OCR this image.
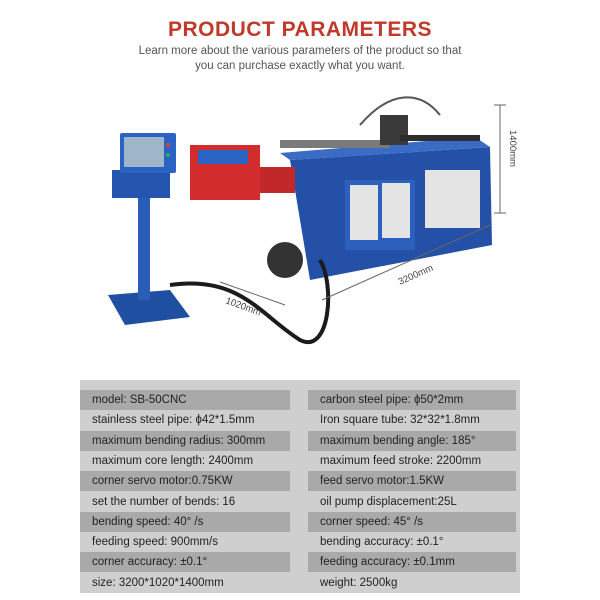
PRODUCT PARAMETERS
Learn more about the various parameters of the product so that
you can purchase exactly what you want.
1400mm
3200mm
1020mm
model: SB-50CNC	carbon steel pipe: ϕ50*2mm
stainless steel pipe: ϕ42*1.5mm	Iron square tube: 32*32*1.8mm
maximum bending radius: 300mm	maximum bending angle: 185°
maximum core length: 2400mm	maximum feed stroke: 2200mm
corner servo motor:0.75KW	feed servo motor:1.5KW
set the number of bends: 16	oil pump displacement:25L
bending speed: 40° /s	corner speed: 45° /s
feeding speed: 900mm/s	bending accuracy: ±0.1°
corner accuracy: ±0.1°	feeding accuracy: ±0.1mm
size: 3200*1020*1400mm	weight: 2500kg
